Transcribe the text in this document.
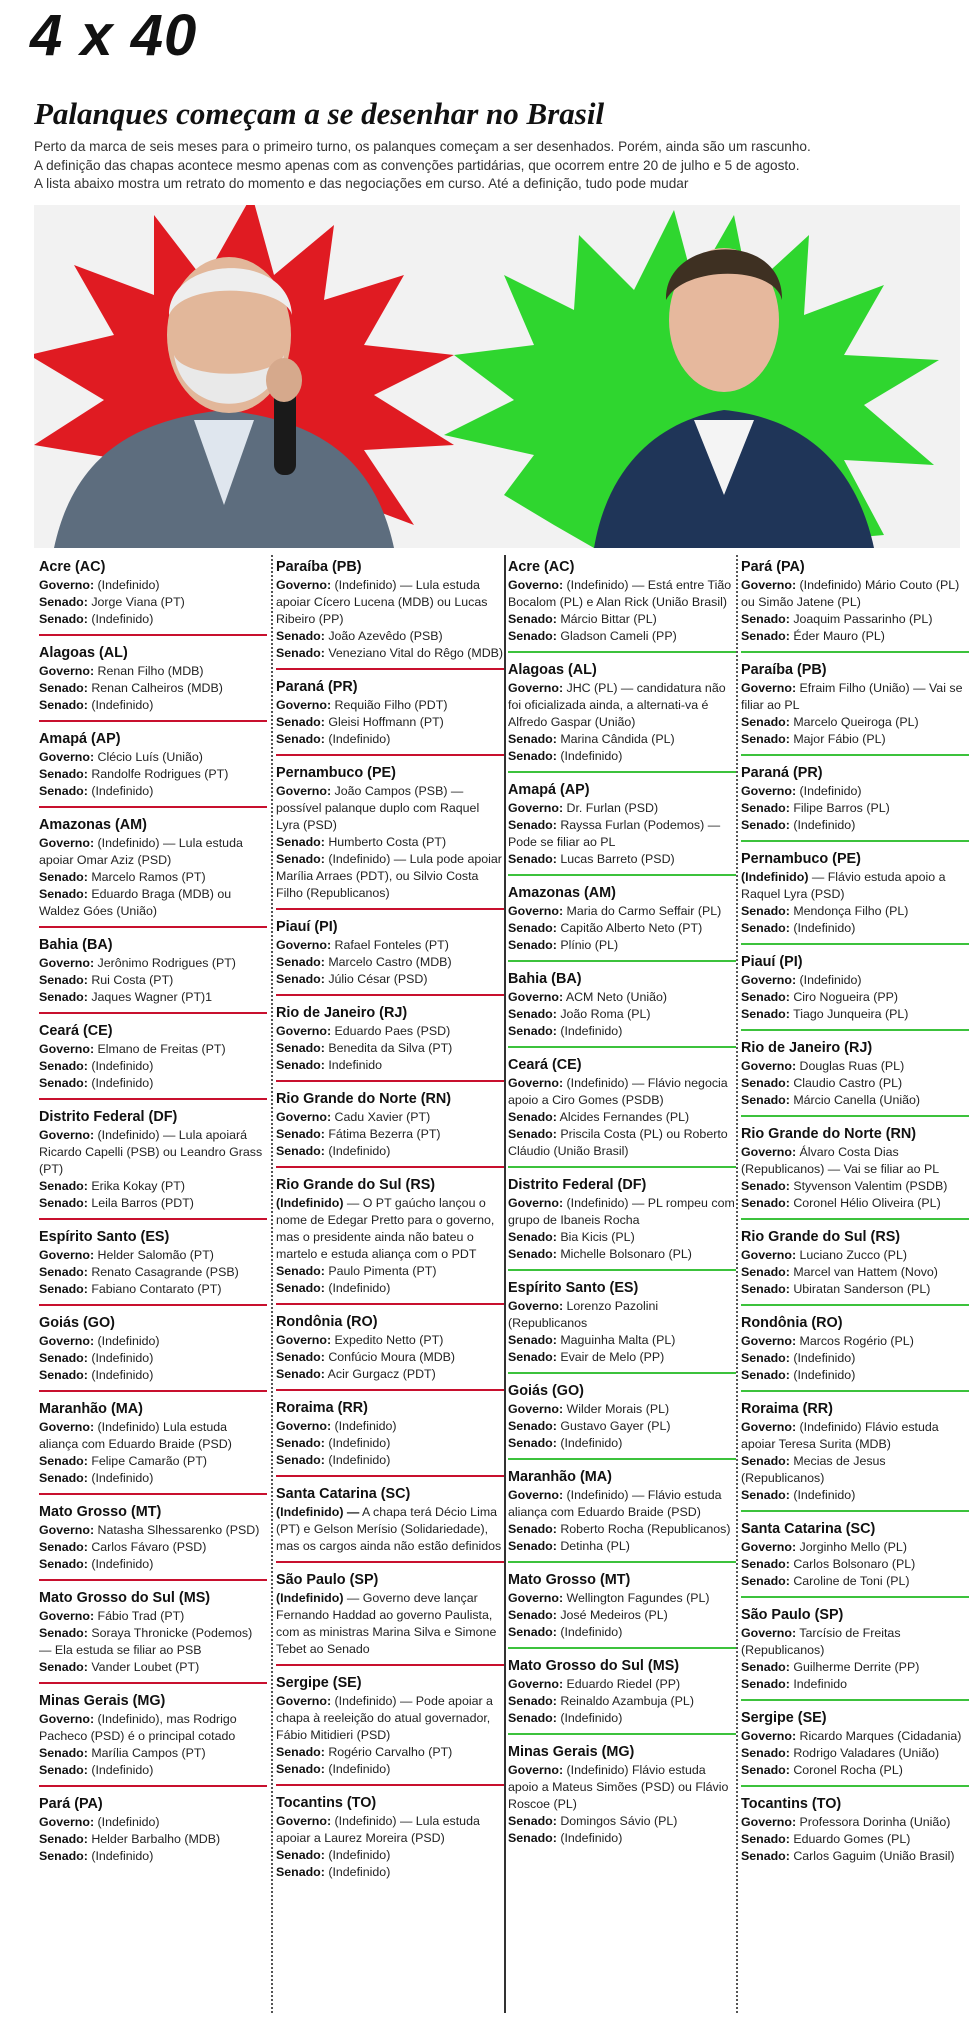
4 x 40
Palanques começam a se desenhar no Brasil

Perto da marca de seis meses para o primeiro turno, os palanques começam a ser desenhados. Porém, ainda são um rascunho.

A definição das chapas acontece mesmo apenas com as convenções partidárias, que ocorrem entre 20 de julho e 5 de agosto.

A lista abaixo mostra um retrato do momento e das negociações em curso. Até a definição, tudo pode mudar

Acre (AC)
Governo: (Indefinido)
Senado: Jorge Viana (PT)
Senado: (Indefinido)
Alagoas (AL)
Governo: Renan Filho (MDB)
Senado: Renan Calheiros (MDB)
Senado: (Indefinido)
Amapá (AP)
Governo: Clécio Luís (União)
Senado: Randolfe Rodrigues (PT)
Senado: (Indefinido)
Amazonas (AM)
Governo: (Indefinido) — Lula estuda apoiar Omar Aziz (PSD)
Senado: Marcelo Ramos (PT)
Senado: Eduardo Braga (MDB) ou Waldez Góes (União)
Bahia (BA)
Governo: Jerônimo Rodrigues (PT)
Senado: Rui Costa (PT)
Senado: Jaques Wagner (PT)1
Ceará (CE)
Governo: Elmano de Freitas (PT)
Senado: (Indefinido)
Senado: (Indefinido)
Distrito Federal (DF)
Governo: (Indefinido) — Lula apoiará Ricardo Capelli (PSB) ou Leandro Grass (PT)
Senado: Erika Kokay (PT)
Senado: Leila Barros (PDT)
Espírito Santo (ES)
Governo: Helder Salomão (PT)
Senado: Renato Casagrande (PSB)
Senado: Fabiano Contarato (PT)
Goiás (GO)
Governo: (Indefinido)
Senado: (Indefinido)
Senado: (Indefinido)
Maranhão (MA)
Governo: (Indefinido) Lula estuda aliança com Eduardo Braide (PSD)
Senado: Felipe Camarão (PT)
Senado: (Indefinido)
Mato Grosso (MT)
Governo: Natasha Slhessarenko (PSD)
Senado: Carlos Fávaro (PSD)
Senado: (Indefinido)
Mato Grosso do Sul (MS)
Governo: Fábio Trad (PT)
Senado: Soraya Thronicke (Podemos) — Ela estuda se filiar ao PSB
Senado: Vander Loubet (PT)
Minas Gerais (MG)
Governo: (Indefinido), mas Rodrigo Pacheco (PSD) é o principal cotado
Senado: Marília Campos (PT)
Senado: (Indefinido)
Pará (PA)
Governo: (Indefinido)
Senado: Helder Barbalho (MDB)
Senado: (Indefinido)
Paraíba (PB)
Governo: (Indefinido) — Lula estuda apoiar Cícero Lucena (MDB) ou Lucas Ribeiro (PP)
Senado: João Azevêdo (PSB)
Senado: Veneziano Vital do Rêgo (MDB)
Paraná (PR)
Governo: Requião Filho (PDT)
Senado: Gleisi Hoffmann (PT)
Senado: (Indefinido)
Pernambuco (PE)
Governo: João Campos (PSB) — possível palanque duplo com Raquel Lyra (PSD)
Senado: Humberto Costa (PT)
Senado: (Indefinido) — Lula pode apoiar Marília Arraes (PDT), ou Silvio Costa Filho (Republicanos)
Piauí (PI)
Governo: Rafael Fonteles (PT)
Senado: Marcelo Castro (MDB)
Senado: Júlio César (PSD)
Rio de Janeiro (RJ)
Governo: Eduardo Paes (PSD)
Senado: Benedita da Silva (PT)
Senado: Indefinido
Rio Grande do Norte (RN)
Governo: Cadu Xavier (PT)
Senado: Fátima Bezerra (PT)
Senado: (Indefinido)
Rio Grande do Sul (RS)
(Indefinido) — O PT gaúcho lançou o nome de Edegar Pretto para o governo, mas o presidente ainda não bateu o martelo e estuda aliança com o PDT
Senado: Paulo Pimenta (PT)
Senado: (Indefinido)
Rondônia (RO)
Governo: Expedito Netto (PT)
Senado: Confúcio Moura (MDB)
Senado: Acir Gurgacz (PDT)
Roraima (RR)
Governo: (Indefinido)
Senado: (Indefinido)
Senado: (Indefinido)
Santa Catarina (SC)
(Indefinido) — A chapa terá Décio Lima (PT) e Gelson Merísio (Solidariedade), mas os cargos ainda não estão definidos
São Paulo (SP)
(Indefinido) — Governo deve lançar Fernando Haddad ao governo Paulista, com as ministras Marina Silva e Simone Tebet ao Senado
Sergipe (SE)
Governo: (Indefinido) — Pode apoiar a chapa à reeleição do atual governador, Fábio Mitidieri (PSD)
Senado: Rogério Carvalho (PT)
Senado: (Indefinido)
Tocantins (TO)
Governo: (Indefinido) — Lula estuda apoiar a Laurez Moreira (PSD)
Senado: (Indefinido)
Senado: (Indefinido)
Acre (AC)
Governo: (Indefinido) — Está entre Tião Bocalom (PL) e Alan Rick (União Brasil)
Senado: Márcio Bittar (PL)
Senado: Gladson Cameli (PP)
Alagoas (AL)
Governo: JHC (PL) — candidatura não foi oficializada ainda, a alternati-va é Alfredo Gaspar (União)
Senado: Marina Cândida (PL)
Senado: (Indefinido)
Amapá (AP)
Governo: Dr. Furlan (PSD)
Senado: Rayssa Furlan (Podemos) — Pode se filiar ao PL
Senado: Lucas Barreto (PSD)
Amazonas (AM)
Governo: Maria do Carmo Seffair (PL)
Senado: Capitão Alberto Neto (PT)
Senado: Plínio (PL)
Bahia (BA)
Governo: ACM Neto (União)
Senado: João Roma (PL)
Senado: (Indefinido)
Ceará (CE)
Governo: (Indefinido) — Flávio negocia apoio a Ciro Gomes (PSDB)
Senado: Alcides Fernandes (PL)
Senado: Priscila Costa (PL) ou Roberto Cláudio (União Brasil)
Distrito Federal (DF)
Governo: (Indefinido) — PL rompeu com grupo de Ibaneis Rocha
Senado: Bia Kicis (PL)
Senado: Michelle Bolsonaro (PL)
Espírito Santo (ES)
Governo: Lorenzo Pazolini (Republicanos
Senado: Maguinha Malta (PL)
Senado: Evair de Melo (PP)
Goiás (GO)
Governo: Wilder Morais (PL)
Senado: Gustavo Gayer (PL)
Senado: (Indefinido)
Maranhão (MA)
Governo: (Indefinido) — Flávio estuda aliança com Eduardo Braide (PSD)
Senado: Roberto Rocha (Republicanos)
Senado: Detinha (PL)
Mato Grosso (MT)
Governo: Wellington Fagundes (PL)
Senado: José Medeiros (PL)
Senado: (Indefinido)
Mato Grosso do Sul (MS)
Governo: Eduardo Riedel (PP)
Senado: Reinaldo Azambuja (PL)
Senado: (Indefinido)
Minas Gerais (MG)
Governo: (Indefinido) Flávio estuda apoio a Mateus Simões (PSD) ou Flávio Roscoe (PL)
Senado: Domingos Sávio (PL)
Senado: (Indefinido)
Pará (PA)
Governo: (Indefinido) Mário Couto (PL) ou Simão Jatene (PL)
Senado: Joaquim Passarinho (PL)
Senado: Éder Mauro (PL)
Paraíba (PB)
Governo: Efraim Filho (União) — Vai se filiar ao PL
Senado: Marcelo Queiroga (PL)
Senado: Major Fábio (PL)
Paraná (PR)
Governo: (Indefinido)
Senado: Filipe Barros (PL)
Senado: (Indefinido)
Pernambuco (PE)
(Indefinido) — Flávio estuda apoio a Raquel Lyra (PSD)
Senado: Mendonça Filho (PL)
Senado: (Indefinido)
Piauí (PI)
Governo: (Indefinido)
Senado: Ciro Nogueira (PP)
Senado: Tiago Junqueira (PL)
Rio de Janeiro (RJ)
Governo: Douglas Ruas (PL)
Senado: Claudio Castro (PL)
Senado: Márcio Canella (União)
Rio Grande do Norte (RN)
Governo: Álvaro Costa Dias (Republicanos) — Vai se filiar ao PL
Senado: Styvenson Valentim (PSDB)
Senado: Coronel Hélio Oliveira (PL)
Rio Grande do Sul (RS)
Governo: Luciano Zucco (PL)
Senado: Marcel van Hattem (Novo)
Senado: Ubiratan Sanderson (PL)
Rondônia (RO)
Governo: Marcos Rogério (PL)
Senado: (Indefinido)
Senado: (Indefinido)
Roraima (RR)
Governo: (Indefinido) Flávio estuda apoiar Teresa Surita (MDB)
Senado: Mecias de Jesus (Republicanos)
Senado: (Indefinido)
Santa Catarina (SC)
Governo: Jorginho Mello (PL)
Senado: Carlos Bolsonaro (PL)
Senado: Caroline de Toni (PL)
São Paulo (SP)
Governo: Tarcísio de Freitas (Republicanos)
Senado: Guilherme Derrite (PP)
Senado: Indefinido
Sergipe (SE)
Governo: Ricardo Marques (Cidadania)
Senado: Rodrigo Valadares (União)
Senado: Coronel Rocha (PL)
Tocantins (TO)
Governo: Professora Dorinha (União)
Senado: Eduardo Gomes (PL)
Senado: Carlos Gaguim (União Brasil)
